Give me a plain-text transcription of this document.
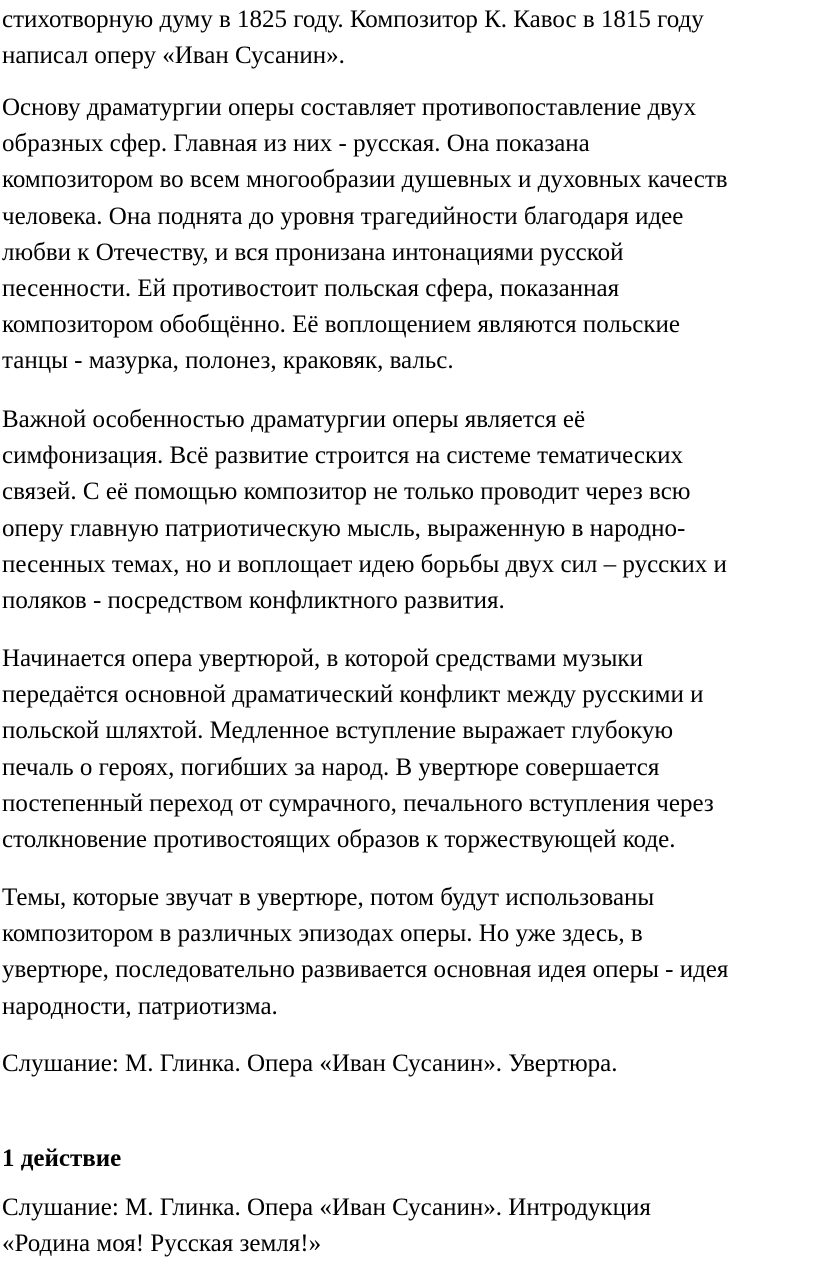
стихотворную думу в 1825 году. Композитор К. Кавос в 1815 году
написал оперу «Иван Сусанин».

Основу драматургии оперы составляет противопоставление двух
образных сфер. Главная из них - русская. Она показана
композитором во всем многообразии душевных и духовных качеств
человека. Она поднята до уровня трагедийности благодаря идее
любви к Отечеству, и вся пронизана интонациями русской
песенности. Ей противостоит польская сфера, показанная
композитором обобщённо. Её воплощением являются польские
танцы - мазурка, полонез, краковяк, вальс.

Важной особенностью драматургии оперы является её
симфонизация. Всё развитие строится на системе тематических
связей. С её помощью композитор не только проводит через всю
оперу главную патриотическую мысль, выраженную в народно-
песенных темах, но и воплощает идею борьбы двух сил – русских и
поляков - посредством конфликтного развития.

Начинается опера увертюрой, в которой средствами музыки
передаётся основной драматический конфликт между русскими и
польской шляхтой. Медленное вступление выражает глубокую
печаль о героях, погибших за народ. В увертюре совершается
постепенный переход от сумрачного, печального вступления через
столкновение противостоящих образов к торжествующей коде.

Темы, которые звучат в увертюре, потом будут использованы
композитором в различных эпизодах оперы. Но уже здесь, в
увертюре, последовательно развивается основная идея оперы - идея
народности, патриотизма.

Слушание: М. Глинка. Опера «Иван Сусанин». Увертюра.

1 действие

Слушание: М. Глинка. Опера «Иван Сусанин». Интродукция
«Родина моя! Русская земля!»
